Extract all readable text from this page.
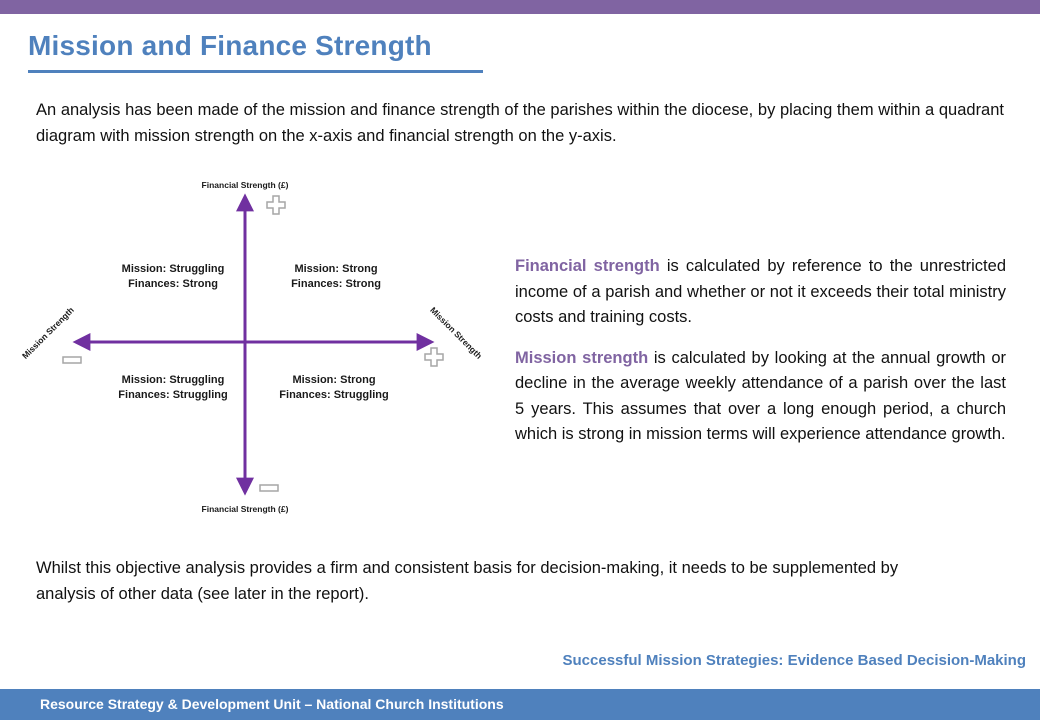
Mission and Finance Strength

An analysis has been made of the mission and finance strength of the parishes within the diocese, by placing them within a quadrant diagram with mission strength on the x-axis and financial strength on the y-axis.

Financial Strength (£)
Financial Strength (£)
Mission Strength	Mission Strength
Mission: Struggling
Finances: Strong
Mission: Strong
Finances: Strong
Mission: Struggling
Finances: Struggling
Mission: Strong
Finances: Struggling

Financial strength is calculated by reference to the unrestricted income of a parish and whether or not it exceeds their total ministry costs and training costs.

Mission strength is calculated by looking at the annual growth or decline in the average weekly attendance of a parish over the last 5 years. This assumes that over a long enough period, a church which is strong in mission terms will experience attendance growth.

Whilst this objective analysis provides a firm and consistent basis for decision-making, it needs to be supplemented by analysis of other data (see later in the report).

Successful Mission Strategies: Evidence Based Decision-Making

Resource Strategy & Development Unit – National Church Institutions
